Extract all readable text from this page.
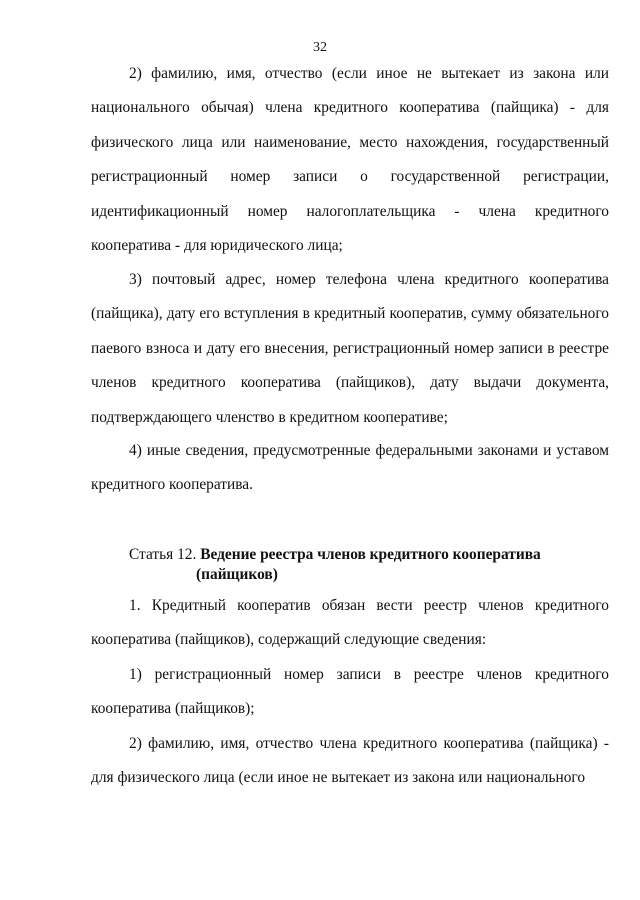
32

2) фамилию, имя, отчество (если иное не вытекает из закона или национального обычая) члена кредитного кооператива (пайщика) - для физического лица или наименование, место нахождения, государственный регистрационный номер записи о государственной регистрации, идентификационный номер налогоплательщика - члена кредитного кооператива - для юридического лица;

3) почтовый адрес, номер телефона члена кредитного кооператива (пайщика), дату его вступления в кредитный кооператив, сумму обязательного паевого взноса и дату его внесения, регистрационный номер записи в реестре членов кредитного кооператива (пайщиков), дату выдачи документа, подтверждающего членство в кредитном кооперативе;

4) иные сведения, предусмотренные федеральными законами и уставом кредитного кооператива.

Статья 12. Ведение реестра членов кредитного кооператива
(пайщиков)

1. Кредитный кооператив обязан вести реестр членов кредитного кооператива (пайщиков), содержащий следующие сведения:

1) регистрационный номер записи в реестре членов кредитного кооператива (пайщиков);

2) фамилию, имя, отчество члена кредитного кооператива (пайщика) - для физического лица (если иное не вытекает из закона или национального
